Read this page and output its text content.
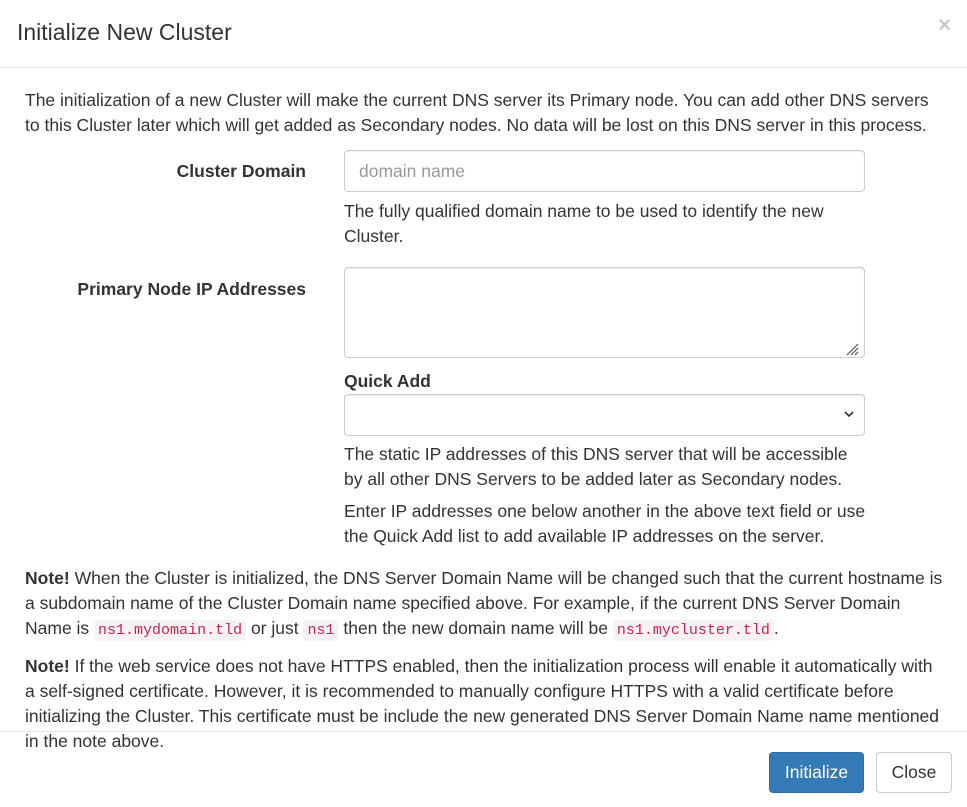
Initialize New Cluster	×

The initialization of a new Cluster will make the current DNS server its Primary node. You can add other DNS servers to this Cluster later which will get added as Secondary nodes. No data will be lost on this DNS server in this process.

Cluster Domain
domain name

The fully qualified domain name to be used to identify the new Cluster.

Primary Node IP Addresses
Quick Add

The static IP addresses of this DNS server that will be accessible by all other DNS Servers to be added later as Secondary nodes.

Enter IP addresses one below another in the above text field or use the Quick Add list to add available IP addresses on the server.

Note! When the Cluster is initialized, the DNS Server Domain Name will be changed such that the current hostname is a subdomain name of the Cluster Domain name specified above. For example, if the current DNS Server Domain Name is ns1.mydomain.tld or just ns1 then the new domain name will be ns1.mycluster.tld .

Note! If the web service does not have HTTPS enabled, then the initialization process will enable it automatically with a self-signed certificate. However, it is recommended to manually configure HTTPS with a valid certificate before initializing the Cluster. This certificate must be include the new generated DNS Server Domain Name name mentioned in the note above.

Initialize	Close
